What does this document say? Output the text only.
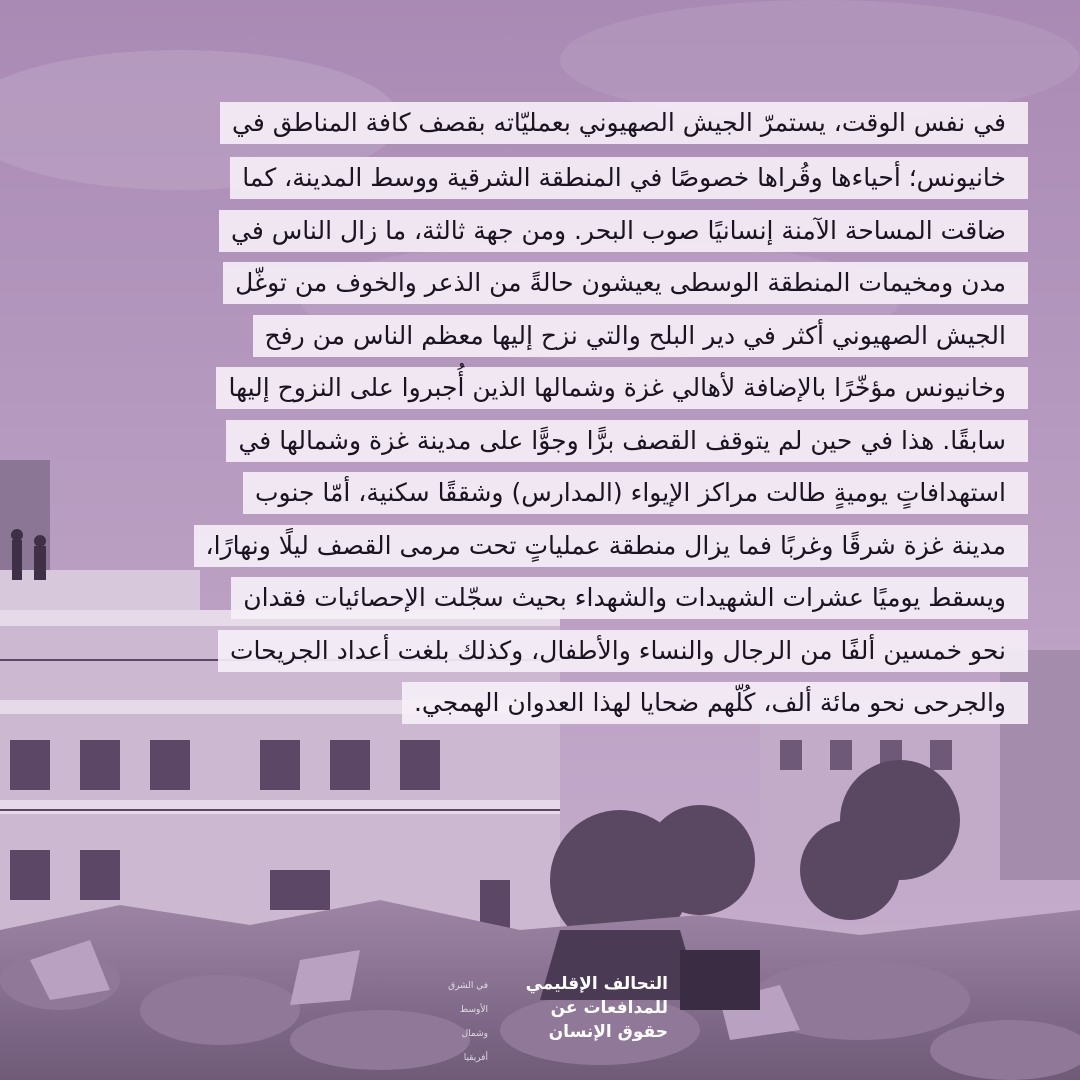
في نفس الوقت، يستمرّ الجيش الصهيوني بعمليّاته بقصف كافة المناطق في
خانيونس؛ أحياءها وقُراها خصوصًا في المنطقة الشرقية ووسط المدينة، كما
ضاقت المساحة الآمنة إنسانيًا صوب البحر. ومن جهة ثالثة، ما زال الناس في
مدن ومخيمات المنطقة الوسطى يعيشون حالةً من الذعر والخوف من توغّل
الجيش الصهيوني أكثر في دير البلح والتي نزح إليها معظم الناس من رفح
وخانيونس مؤخّرًا بالإضافة لأهالي غزة وشمالها الذين أُجبروا على النزوح إليها
سابقًا. هذا في حين لم يتوقف القصف برًّا وجوًّا على مدينة غزة وشمالها في
استهدافاتٍ يوميةٍ طالت مراكز الإيواء (المدارس) وشققًا سكنية، أمّا جنوب
مدينة غزة شرقًا وغربًا فما يزال منطقة عملياتٍ تحت مرمى القصف ليلًا ونهارًا،
ويسقط يوميًا عشرات الشهيدات والشهداء بحيث سجّلت الإحصائيات فقدان
نحو خمسين ألفًا من الرجال والنساء والأطفال، وكذلك بلغت أعداد الجريحات
والجرحى نحو مائة ألف، كُلّهم ضحايا لهذا العدوان الهمجي.
التحالف الإقليمي
للمدافعات عن
حقوق الإنسان
في الشرق
الأوسط
وشمال
أفريقيا
